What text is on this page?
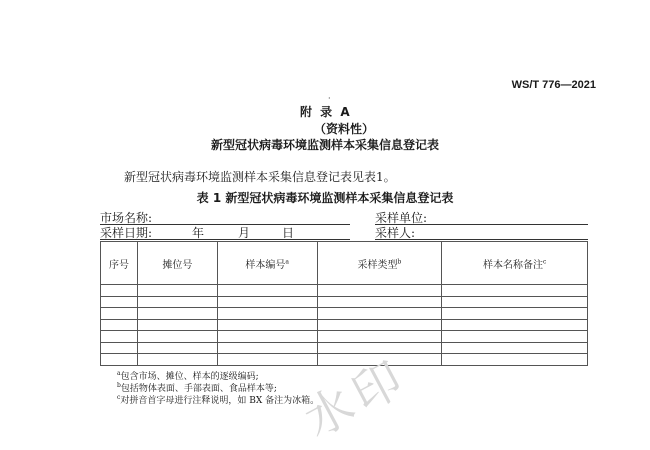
WS/T 776—2021
·
附 录 A
（资料性）
新型冠状病毒环境监测样本采集信息登记表
新型冠状病毒环境监测样本采集信息登记表见表1。
表 1 新型冠状病毒环境监测样本采集信息登记表
市场名称:	采样单位:
采样日期:	年	月	日	采样人:
序号	摊位号	样本编号$^a$	采样类型$^b$	样本名称备注$^c$

$^a$包含市场、摊位、样本的逐级编码;
$^b$包括物体表面、手部表面、食品样本等;
$^c$对拼音首字母进行注释说明，如 BX 备注为冰箱。
水印
